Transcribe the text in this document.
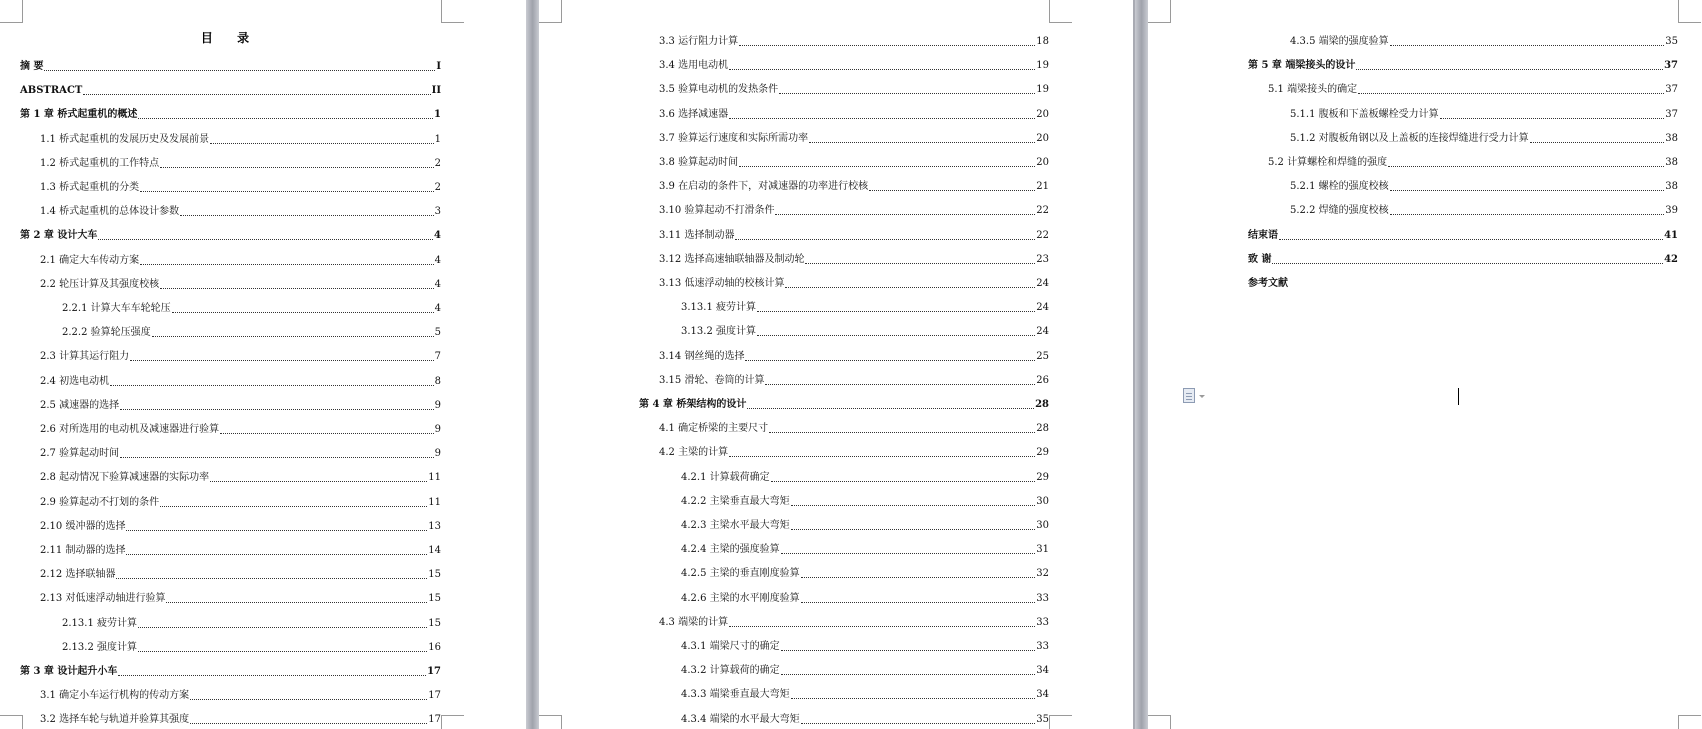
目 录
摘 要	I
ABSTRACT	II
第 1 章 桥式起重机的概述	1
1.1 桥式起重机的发展历史及发展前景	1
1.2 桥式起重机的工作特点	2
1.3 桥式起重机的分类	2
1.4 桥式起重机的总体设计参数	3
第 2 章 设计大车	4
2.1 确定大车传动方案	4
2.2 轮压计算及其强度校核	4
2.2.1 计算大车车轮轮压	4
2.2.2 验算轮压强度	5
2.3 计算其运行阻力	7
2.4 初选电动机	8
2.5 减速器的选择	9
2.6 对所选用的电动机及减速器进行验算	9
2.7 验算起动时间	9
2.8 起动情况下验算减速器的实际功率	11
2.9 验算起动不打划的条件	11
2.10 缓冲器的选择	13
2.11 制动器的选择	14
2.12 选择联轴器	15
2.13 对低速浮动轴进行验算	15
2.13.1 疲劳计算	15
2.13.2 强度计算	16
第 3 章 设计起升小车	17
3.1 确定小车运行机构的传动方案	17
3.2 选择车轮与轨道并验算其强度	17
3.3 运行阻力计算	18
3.4 选用电动机	19
3.5 验算电动机的发热条件	19
3.6 选择减速器	20
3.7 验算运行速度和实际所需功率	20
3.8 验算起动时间	20
3.9 在启动的条件下，对减速器的功率进行校核	21
3.10 验算起动不打滑条件	22
3.11 选择制动器	22
3.12 选择高速轴联轴器及制动轮	23
3.13 低速浮动轴的校核计算	24
3.13.1 疲劳计算	24
3.13.2 强度计算	24
3.14 钢丝绳的选择	25
3.15 滑轮、卷筒的计算	26
第 4 章 桥架结构的设计	28
4.1 确定桥梁的主要尺寸	28
4.2 主梁的计算	29
4.2.1 计算载荷确定	29
4.2.2 主梁垂直最大弯矩	30
4.2.3 主梁水平最大弯矩	30
4.2.4 主梁的强度验算	31
4.2.5 主梁的垂直刚度验算	32
4.2.6 主梁的水平刚度验算	33
4.3 端梁的计算	33
4.3.1 端梁尺寸的确定	33
4.3.2 计算载荷的确定	34
4.3.3 端梁垂直最大弯矩	34
4.3.4 端梁的水平最大弯矩	35
4.3.5 端梁的强度验算	35
第 5 章 端梁接头的设计	37
5.1 端梁接头的确定	37
5.1.1 腹板和下盖板螺栓受力计算	37
5.1.2 对腹板角钢以及上盖板的连接焊缝进行受力计算	38
5.2 计算螺栓和焊缝的强度	38
5.2.1 螺栓的强度校核	38
5.2.2 焊缝的强度校核	39
结束语	41
致 谢	42
参考文献
